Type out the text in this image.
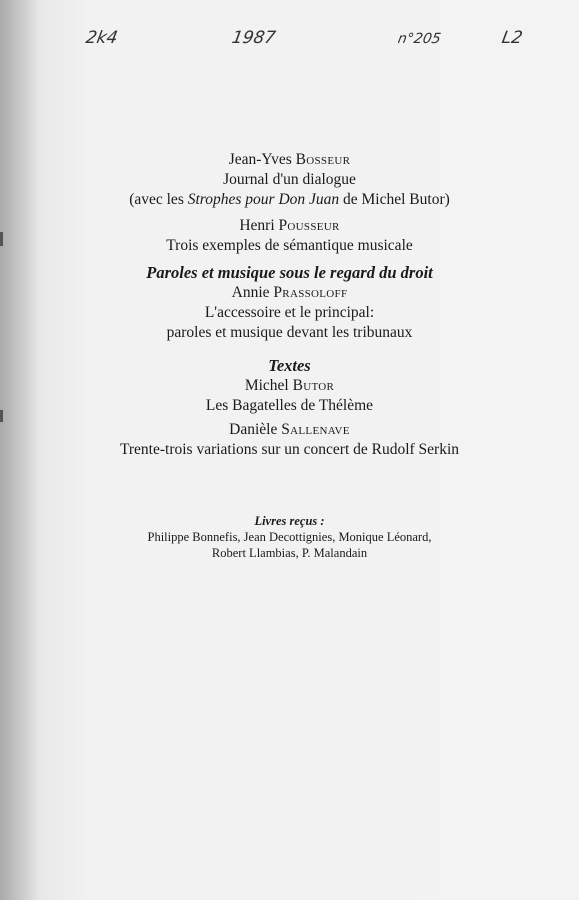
2k4	1987	n°205	L2
Jean-Yves Bosseur
Journal d'un dialogue
(avec les Strophes pour Don Juan de Michel Butor)
Henri Pousseur
Trois exemples de sémantique musicale
Paroles et musique sous le regard du droit
Annie Prassoloff
L'accessoire et le principal:
paroles et musique devant les tribunaux
Textes
Michel Butor
Les Bagatelles de Thélème
Danièle Sallenave
Trente-trois variations sur un concert de Rudolf Serkin
Livres reçus :
Philippe Bonnefis, Jean Decottignies, Monique Léonard,
Robert Llambias, P. Malandain
